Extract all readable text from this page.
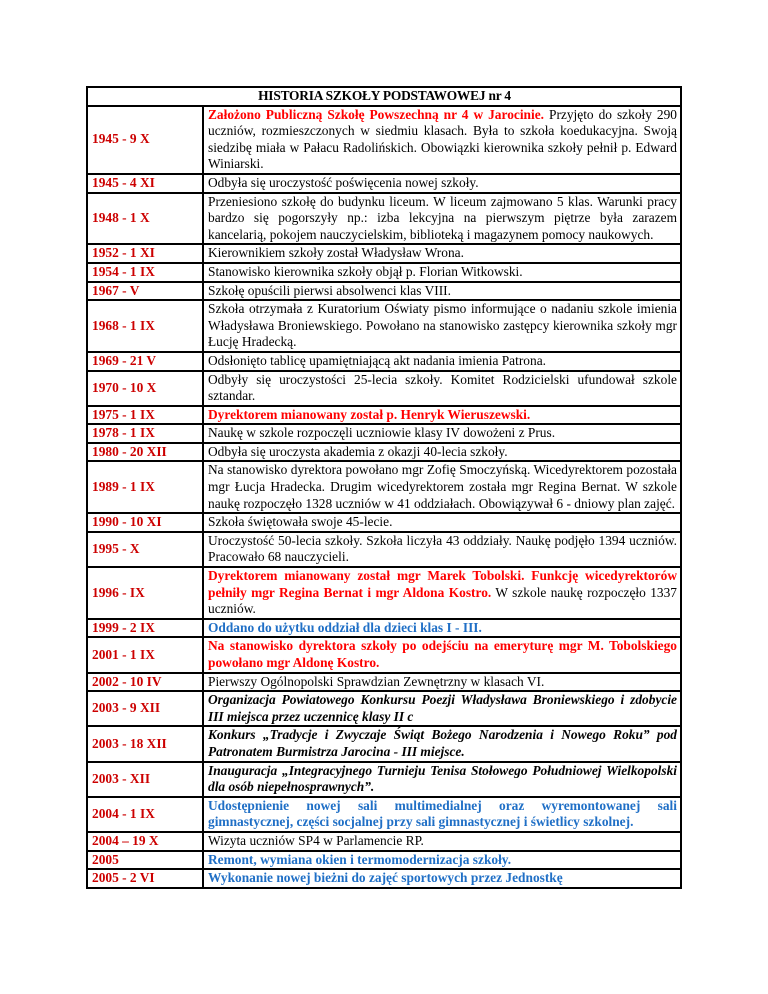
HISTORIA SZKOŁY PODSTAWOWEJ nr 4	
1945 - 9 X	Założono Publiczną Szkołę Powszechną nr 4 w Jarocinie. Przyjęto do szkoły 290 uczniów, rozmieszczonych w siedmiu klasach. Była to szkoła koedukacyjna. Swoją siedzibę miała w Pałacu Radolińskich. Obowiązki kierownika szkoły pełnił p. Edward Winiarski.
1945 - 4 XI	Odbyła się uroczystość poświęcenia nowej szkoły.
1948 - 1 X	Przeniesiono szkołę do budynku liceum. W liceum zajmowano 5 klas. Warunki pracy bardzo się pogorszyły np.: izba lekcyjna na pierwszym piętrze była zarazem kancelarią, pokojem nauczycielskim, biblioteką i magazynem pomocy naukowych.
1952 - 1 XI	Kierownikiem szkoły został Władysław Wrona.
1954 - 1 IX	Stanowisko kierownika szkoły objął p. Florian Witkowski.
1967 - V	Szkołę opuścili pierwsi absolwenci klas VIII.
1968 - 1 IX	Szkoła otrzymała z Kuratorium Oświaty pismo informujące o nadaniu szkole imienia Władysława Broniewskiego. Powołano na stanowisko zastępcy kierownika szkoły mgr Łucję Hradecką.
1969 - 21 V	Odsłonięto tablicę upamiętniającą akt nadania imienia Patrona.
1970 - 10 X	Odbyły się uroczystości 25-lecia szkoły. Komitet Rodzicielski ufundował szkole sztandar.
1975 - 1 IX	Dyrektorem mianowany został p. Henryk Wieruszewski.
1978 - 1 IX	Naukę w szkole rozpoczęli uczniowie klasy IV dowożeni z Prus.
1980 - 20 XII	Odbyła się uroczysta akademia z okazji 40-lecia szkoły.
1989 - 1 IX	Na stanowisko dyrektora powołano mgr Zofię Smoczyńską. Wicedyrektorem pozostała mgr Łucja Hradecka. Drugim wicedyrektorem została mgr Regina Bernat. W szkole naukę rozpoczęło 1328 uczniów w 41 oddziałach. Obowiązywał 6 - dniowy plan zajęć.
1990 - 10 XI	Szkoła świętowała swoje 45-lecie.
1995 - X	Uroczystość 50-lecia szkoły. Szkoła liczyła 43 oddziały. Naukę podjęło 1394 uczniów. Pracowało 68 nauczycieli.
1996 - IX	Dyrektorem mianowany został mgr Marek Tobolski. Funkcję wicedyrektorów pełniły mgr Regina Bernat i mgr Aldona Kostro. W szkole naukę rozpoczęło 1337 uczniów.
1999 - 2 IX	Oddano do użytku oddział dla dzieci klas I - III.
2001 - 1 IX	Na stanowisko dyrektora szkoły po odejściu na emeryturę mgr M. Tobolskiego powołano mgr Aldonę Kostro.
2002 - 10 IV	Pierwszy Ogólnopolski Sprawdzian Zewnętrzny w klasach VI.
2003 - 9 XII	Organizacja Powiatowego Konkursu Poezji Władysława Broniewskiego i zdobycie III miejsca przez uczennicę klasy II c
2003 - 18 XII	Konkurs „Tradycje i Zwyczaje Świąt Bożego Narodzenia i Nowego Roku” pod Patronatem Burmistrza Jarocina - III miejsce.
2003 - XII	Inauguracja „Integracyjnego Turnieju Tenisa Stołowego Południowej Wielkopolski dla osób niepełnosprawnych”.
2004 - 1 IX	Udostępnienie nowej sali multimedialnej oraz wyremontowanej sali gimnastycznej, części socjalnej przy sali gimnastycznej i świetlicy szkolnej.
2004 – 19 X	Wizyta uczniów SP4 w Parlamencie RP.
2005	Remont, wymiana okien i termomodernizacja szkoły.
2005 - 2 VI	Wykonanie nowej bieżni do zajęć sportowych przez Jednostkę
